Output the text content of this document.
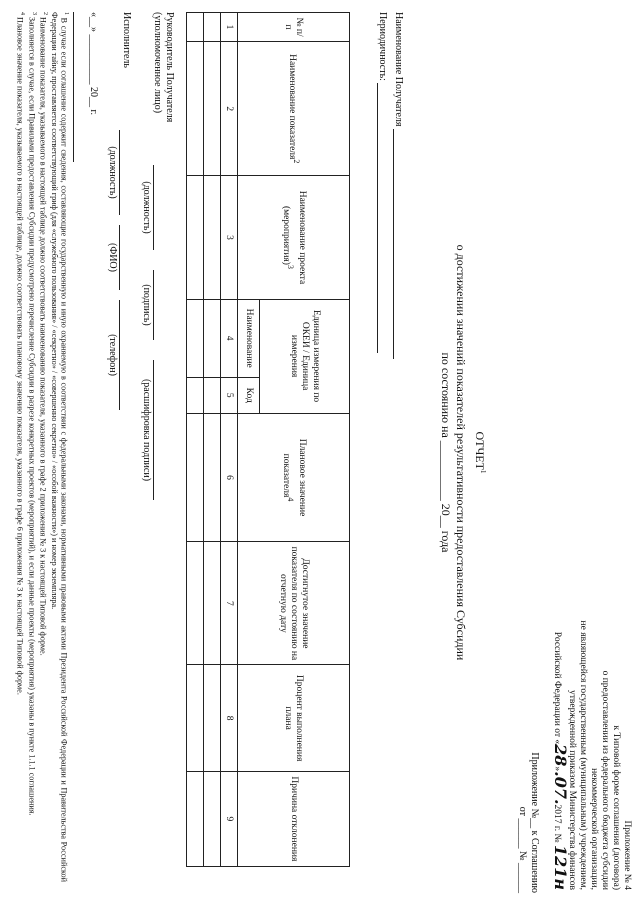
Приложение № 4
к Типовой форме соглашения (договора)
о предоставлении из федерального бюджета субсидии
некоммерческой организации,
не являющейся государственным (муниципальным) учреждением,
утвержденной приказом Министерства финансов
Российской Федерации от «28».07.2017 г. № 121н
Приложение №__ к Соглашению
от ______ № ______
ОТЧЕТ$^1$
о достижении значений показателей результативности предоставления Субсидии
по состоянию на __________ 20__ года
Наименование Получателя
Периодичность:
№ п/п	Наименование показателя$^2$	Наименование проекта (мероприятия)$^3$	Единица измерения по ОКЕИ / Единица измерения		Плановое значение показателя$^4$	Достигнутое значение показателя по состоянию на отчетную дату	Процент выполнения плана	Причина отклонения
			Наименование	Код				
1	2	3	4	5	6	7	8	9

Руководитель Получателя
(уполномоченное лицо)
(должность)
(подпись)
(расшифровка подписи)
Исполнитель
(должность)
(ФИО)
(телефон)
«__» __________ 20__ г.
$^1$ В случае если соглашение содержит сведения, составляющие государственную и иную охраняемую в соответствии с федеральными законами, нормативными правовыми актами Президента Российской Федерации и Правительства Российской Федерации тайну, проставляется соответствующий гриф (для «служебного пользования» / «секретно» / «совершенно секретно» / «особой важности») и номер экземпляра.
$^2$ Наименование показателя, указываемого в настоящей таблице должно соответствовать наименованию показателя, указанного в графе 2 приложения № 3 к настоящей Типовой форме.
$^3$ Заполняется в случае, если Правилами предоставления Субсидии предусмотрено перечисление Субсидии в разрезе конкретных проектов (мероприятий), и если данные проекты (мероприятия) указаны в пункте 1.1.1 соглашения.
$^4$ Плановое значение показателя, указываемого в настоящей таблице, должно соответствовать плановому значению показателя, указанного в графе 6 приложения № 3 к настоящей Типовой форме.
